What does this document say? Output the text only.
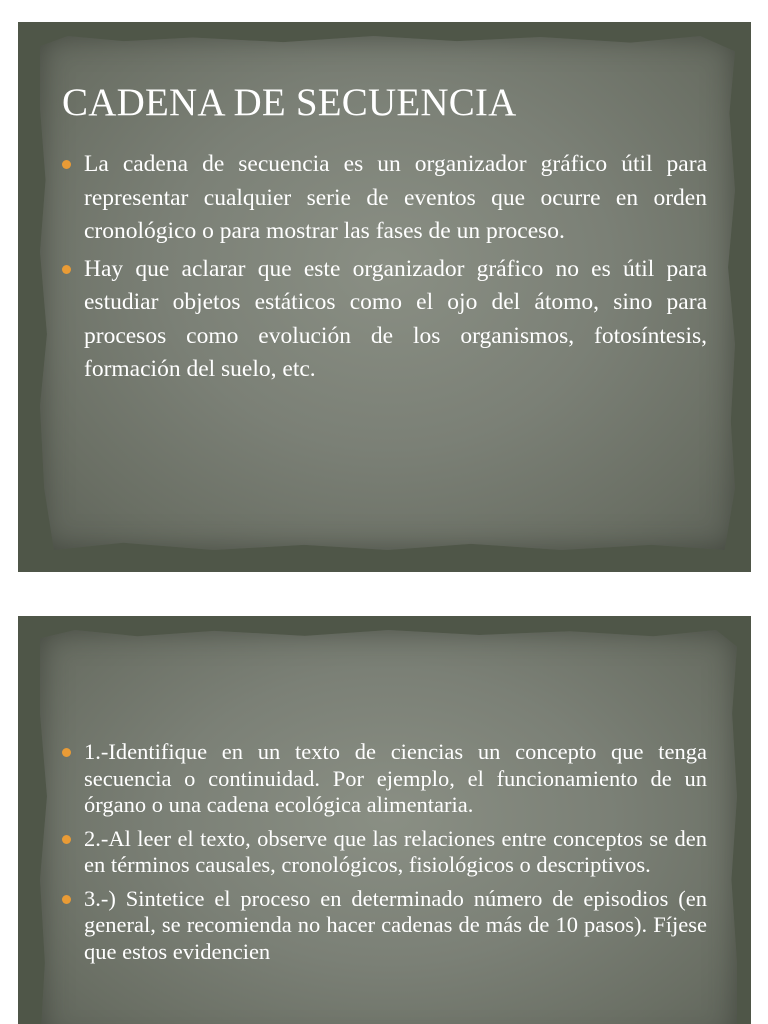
CADENA DE SECUENCIA
La cadena de secuencia es un organizador gráfico útil para representar cualquier serie de eventos que ocurre en orden cronológico o para mostrar las fases de un proceso.
Hay que aclarar que este organizador gráfico no es útil para estudiar objetos estáticos como el ojo del átomo, sino para procesos como evolución de los organismos, fotosíntesis, formación del suelo, etc.
1.-Identifique en un texto de ciencias un concepto que tenga secuencia o continuidad. Por ejemplo, el funcionamiento de un órgano o una cadena ecológica alimentaria.
2.-Al leer el texto, observe que las relaciones entre conceptos se den en términos causales, cronológicos, fisiológicos o descriptivos.
3.-) Sintetice el proceso en determinado número de episodios (en general, se recomienda no hacer cadenas de más de 10 pasos). Fíjese que estos evidencien
